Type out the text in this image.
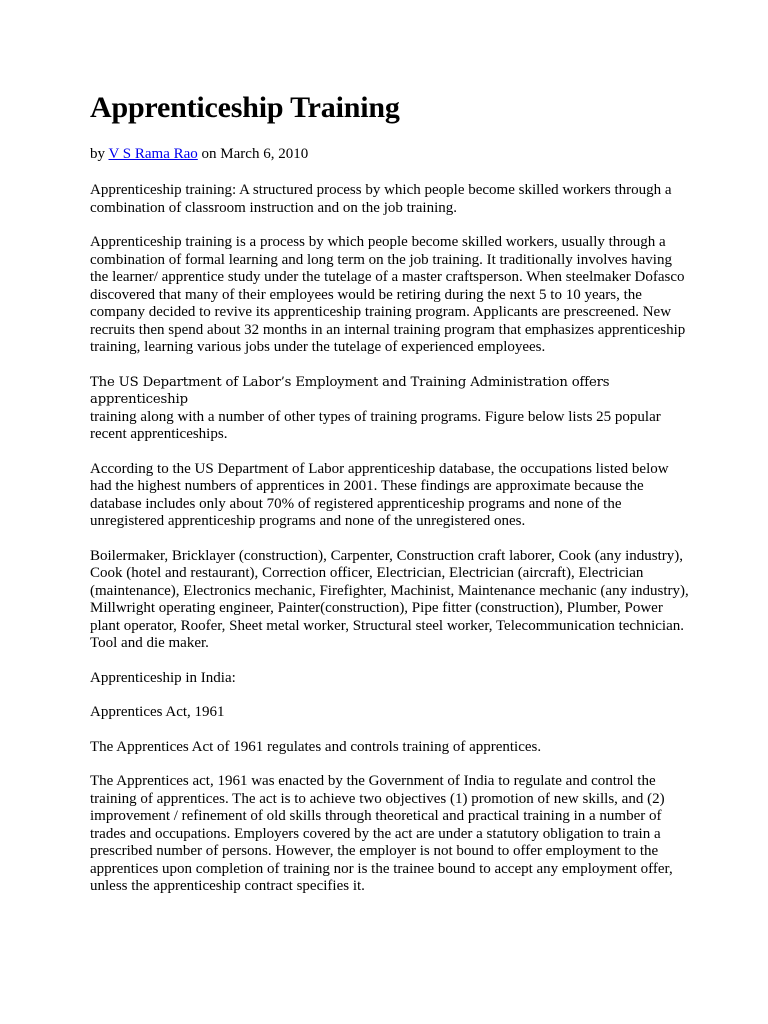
Apprenticeship Training
by V S Rama Rao on March 6, 2010

Apprenticeship training: A structured process by which people become skilled workers through a combination of classroom instruction and on the job training.

Apprenticeship training is a process by which people become skilled workers, usually through a combination of formal learning and long term on the job training. It traditionally involves having the learner/ apprentice study under the tutelage of a master craftsperson. When steelmaker Dofasco discovered that many of their employees would be retiring during the next 5 to 10 years, the company decided to revive its apprenticeship training program. Applicants are prescreened. New recruits then spend about 32 months in an internal training program that emphasizes apprenticeship training, learning various jobs under the tutelage of experienced employees.

The US Department of Labor’s Employment and Training Administration offers apprenticeship

training along with a number of other types of training programs. Figure below lists 25 popular recent apprenticeships.

According to the US Department of Labor apprenticeship database, the occupations listed below had the highest numbers of apprentices in 2001. These findings are approximate because the database includes only about 70% of registered apprenticeship programs and none of the unregistered apprenticeship programs and none of the unregistered ones.

Boilermaker, Bricklayer (construction), Carpenter, Construction craft laborer, Cook (any industry), Cook (hotel and restaurant), Correction officer, Electrician, Electrician (aircraft), Electrician (maintenance), Electronics mechanic, Firefighter, Machinist, Maintenance mechanic (any industry), Millwright operating engineer, Painter(construction), Pipe fitter (construction), Plumber, Power plant operator, Roofer, Sheet metal worker, Structural steel worker, Telecommunication technician. Tool and die maker.

Apprenticeship in India:

Apprentices Act, 1961

The Apprentices Act of 1961 regulates and controls training of apprentices.

The Apprentices act, 1961 was enacted by the Government of India to regulate and control the training of apprentices. The act is to achieve two objectives (1) promotion of new skills, and (2) improvement / refinement of old skills through theoretical and practical training in a number of trades and occupations. Employers covered by the act are under a statutory obligation to train a prescribed number of persons. However, the employer is not bound to offer employment to the apprentices upon completion of training nor is the trainee bound to accept any employment offer, unless the apprenticeship contract specifies it.
